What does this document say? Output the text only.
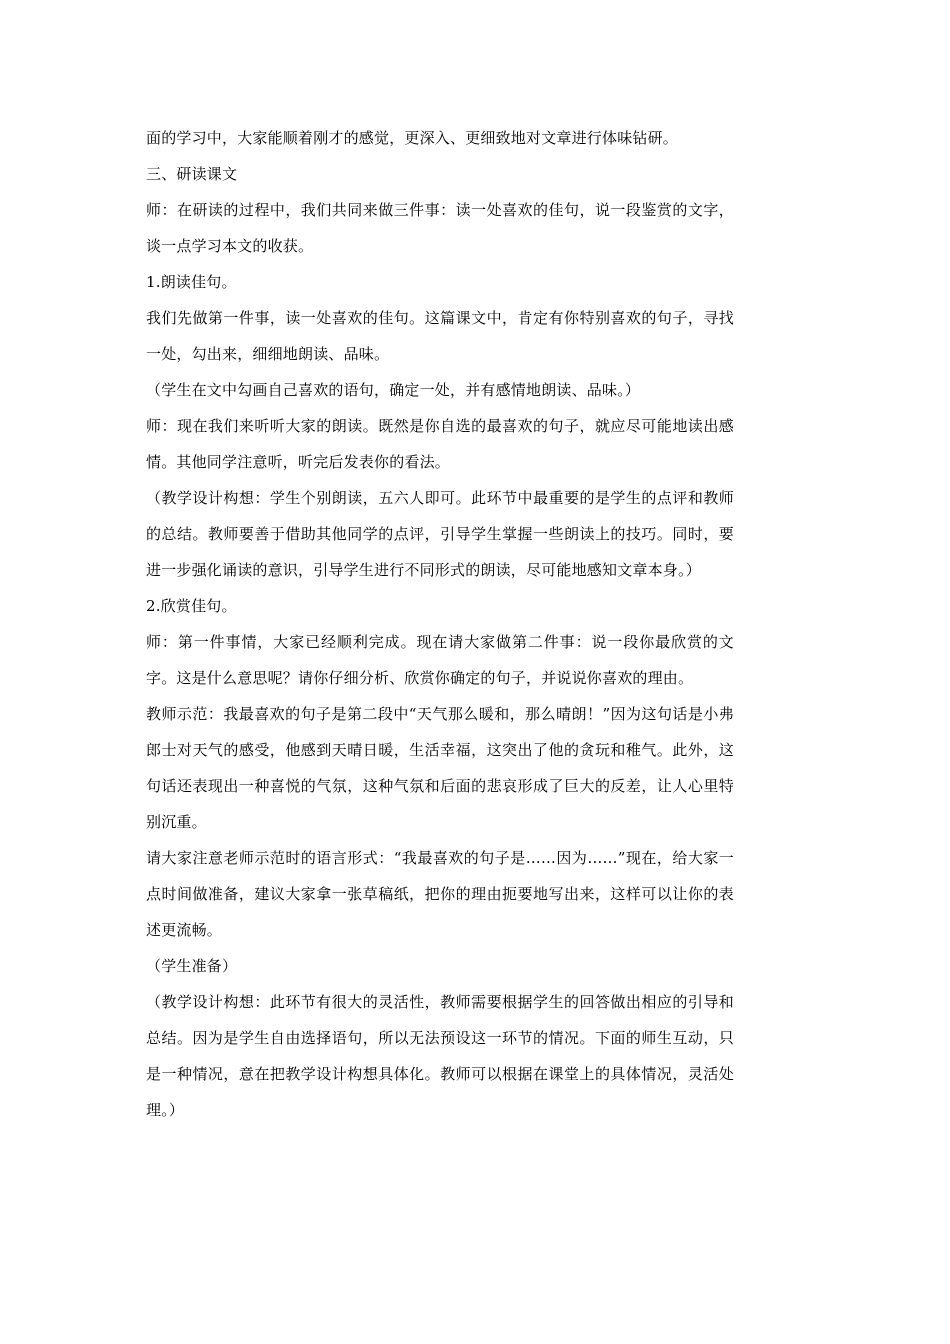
面的学习中，大家能顺着刚才的感觉，更深入、更细致地对文章进行体味钻研。

三、研读课文

师：在研读的过程中，我们共同来做三件事：读一处喜欢的佳句，说一段鉴赏的文字，谈一点学习本文的收获。

1.朗读佳句。

我们先做第一件事，读一处喜欢的佳句。这篇课文中，肯定有你特别喜欢的句子，寻找一处，勾出来，细细地朗读、品味。

（学生在文中勾画自己喜欢的语句，确定一处，并有感情地朗读、品味。）

师：现在我们来听听大家的朗读。既然是你自选的最喜欢的句子，就应尽可能地读出感情。其他同学注意听，听完后发表你的看法。

（教学设计构想：学生个别朗读，五六人即可。此环节中最重要的是学生的点评和教师的总结。教师要善于借助其他同学的点评，引导学生掌握一些朗读上的技巧。同时，要进一步强化诵读的意识，引导学生进行不同形式的朗读，尽可能地感知文章本身。）

2.欣赏佳句。

师：第一件事情，大家已经顺利完成。现在请大家做第二件事：说一段你最欣赏的文字。这是什么意思呢？请你仔细分析、欣赏你确定的句子，并说说你喜欢的理由。

教师示范：我最喜欢的句子是第二段中“天气那么暖和，那么晴朗！”因为这句话是小弗郎士对天气的感受，他感到天晴日暖，生活幸福，这突出了他的贪玩和稚气。此外，这句话还表现出一种喜悦的气氛，这种气氛和后面的悲哀形成了巨大的反差，让人心里特别沉重。

请大家注意老师示范时的语言形式：“我最喜欢的句子是……因为……”现在，给大家一点时间做准备，建议大家拿一张草稿纸，把你的理由扼要地写出来，这样可以让你的表述更流畅。

（学生准备）

（教学设计构想：此环节有很大的灵活性，教师需要根据学生的回答做出相应的引导和总结。因为是学生自由选择语句，所以无法预设这一环节的情况。下面的师生互动，只是一种情况，意在把教学设计构想具体化。教师可以根据在课堂上的具体情况，灵活处理。）
